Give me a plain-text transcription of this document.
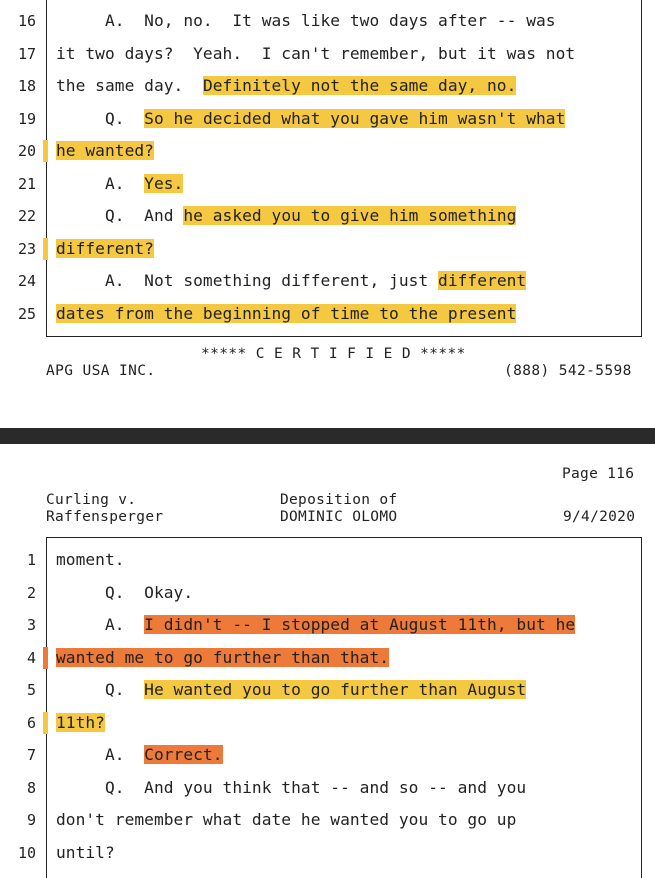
16 A.  No, no.  It was like two days after -- was
17 it two days?  Yeah.  I can't remember, but it was not
18 the same day.  Definitely not the same day, no.
19 Q.  So he decided what you gave him wasn't what
20 he wanted?
21 A.  Yes.
22 Q.  And he asked you to give him something
23 different?
24 A.  Not something different, just different
25 dates from the beginning of time to the present
***** C E R T I F I E D *****
APG USA INC.	(888) 542-5598
Page 116
Curling v.
Raffensperger
Deposition of
DOMINIC OLOMO	9/4/2020
1 moment.
2 Q.  Okay.
3 A.  I didn't -- I stopped at August 11th, but he
4 wanted me to go further than that.
5 Q.  He wanted you to go further than August
6 11th?
7 A.  Correct.
8 Q.  And you think that -- and so -- and you
9 don't remember what date he wanted you to go up
10 until?
